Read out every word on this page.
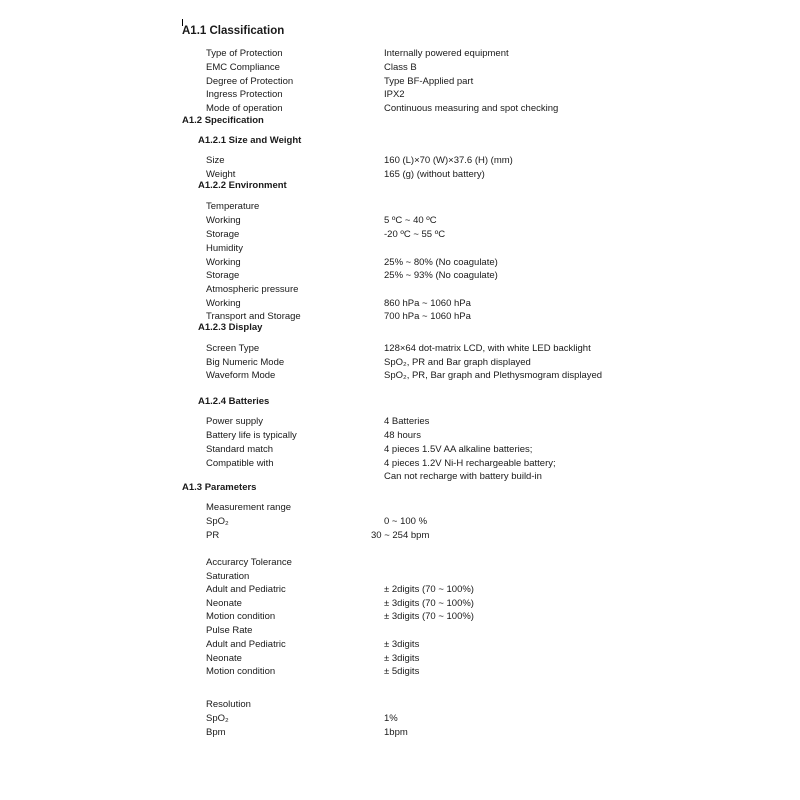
A1.1 Classification
Type of Protection	Internally powered equipment
EMC Compliance	Class B
Degree of Protection	Type BF-Applied part
Ingress Protection	IPX2
Mode of operation	Continuous measuring and spot checking
A1.2 Specification
A1.2.1 Size and Weight
Size	160 (L)×70 (W)×37.6 (H) (mm)
Weight	165 (g) (without battery)
A1.2.2 Environment
Temperature
Working	5 ºC ~ 40 ºC
Storage	-20 ºC ~ 55 ºC
Humidity
Working	25% ~ 80% (No coagulate)
Storage	25% ~ 93% (No coagulate)
Atmospheric pressure
Working	860 hPa ~ 1060 hPa
Transport and Storage	700 hPa ~ 1060 hPa
A1.2.3 Display
Screen Type	128×64 dot-matrix LCD, with white LED backlight
Big Numeric Mode	SpO₂, PR and Bar graph displayed
Waveform Mode	SpO₂, PR, Bar graph and Plethysmogram displayed
A1.2.4 Batteries
Power supply	4 Batteries
Battery life is typically	48 hours
Standard match	4 pieces 1.5V AA alkaline batteries;
Compatible with	4 pieces 1.2V Ni-H rechargeable battery;
Can not recharge with battery build-in
A1.3 Parameters
Measurement range
SpO₂	0 ~ 100 %
PR	30 ~ 254 bpm
Accurarcy Tolerance
Saturation
Adult and Pediatric	± 2digits (70 ~ 100%)
Neonate	± 3digits (70 ~ 100%)
Motion condition	± 3digits (70 ~ 100%)
Pulse Rate
Adult and Pediatric	± 3digits
Neonate	± 3digits
Motion condition	± 5digits
Resolution
SpO₂	1%
Bpm	1bpm
